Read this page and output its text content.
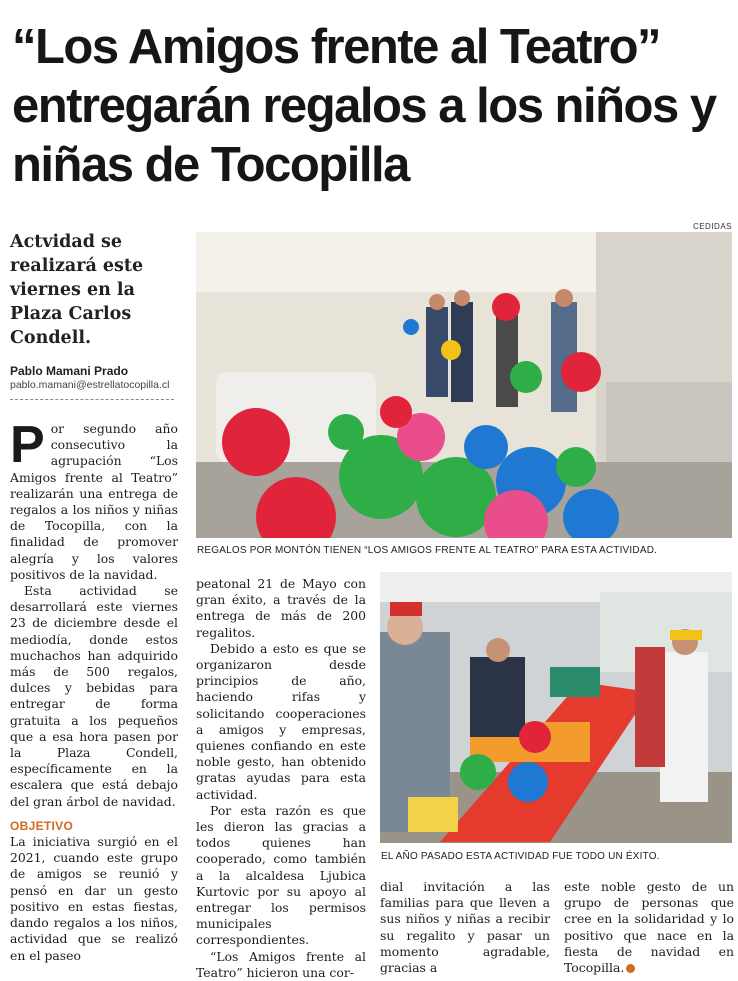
“Los Amigos frente al Teatro” entregarán regalos a los niños y niñas de Tocopilla
CEDIDAS
Actvidad se realizará este viernes en la Plaza Carlos Condell.
Pablo Mamani Prado
pablo.mamani@estrellatocopilla.cl
REGALOS POR MONTÓN TIENEN “LOS AMIGOS FRENTE AL TEATRO” PARA ESTA ACTIVIDAD.
EL AÑO PASADO ESTA ACTIVIDAD FUE TODO UN ÉXITO.

Por segundo año consecutivo la agrupación “Los Amigos frente al Teatro” realizarán una entrega de regalos a los niños y niñas de Tocopilla, con la finalidad de promover alegría y los valores positivos de la navidad.

Esta actividad se desarrollará este viernes 23 de diciembre desde el mediodía, donde estos muchachos han adquirido más de 500 regalos, dulces y bebidas para entregar de forma gratuita a los pequeños que a esa hora pasen por la Plaza Condell, específicamente en la escalera que está debajo del gran árbol de navidad.

OBJETIVO

La iniciativa surgió en el 2021, cuando este grupo de amigos se reunió y pensó en dar un gesto positivo en estas fiestas, dando regalos a los niños, actividad que se realizó en el paseo

peatonal 21 de Mayo con gran éxito, a través de la entrega de más de 200 regalitos.

Debido a esto es que se organizaron desde principios de año, haciendo rifas y solicitando cooperaciones a amigos y empresas, quienes confiando en este noble gesto, han obtenido gratas ayudas para esta actividad.

Por esta razón es que les dieron las gracias a todos quienes han cooperado, como también a la alcaldesa Ljubica Kurtovic por su apoyo al entregar los permisos municipales correspondientes.

“Los Amigos frente al Teatro” hicieron una cor-

dial invitación a las familias para que lleven a sus niños y niñas a recibir su regalito y pasar un momento agradable, gracias a

este noble gesto de un grupo de personas que cree en la solidaridad y lo positivo que nace en la fiesta de navidad en Tocopilla.
